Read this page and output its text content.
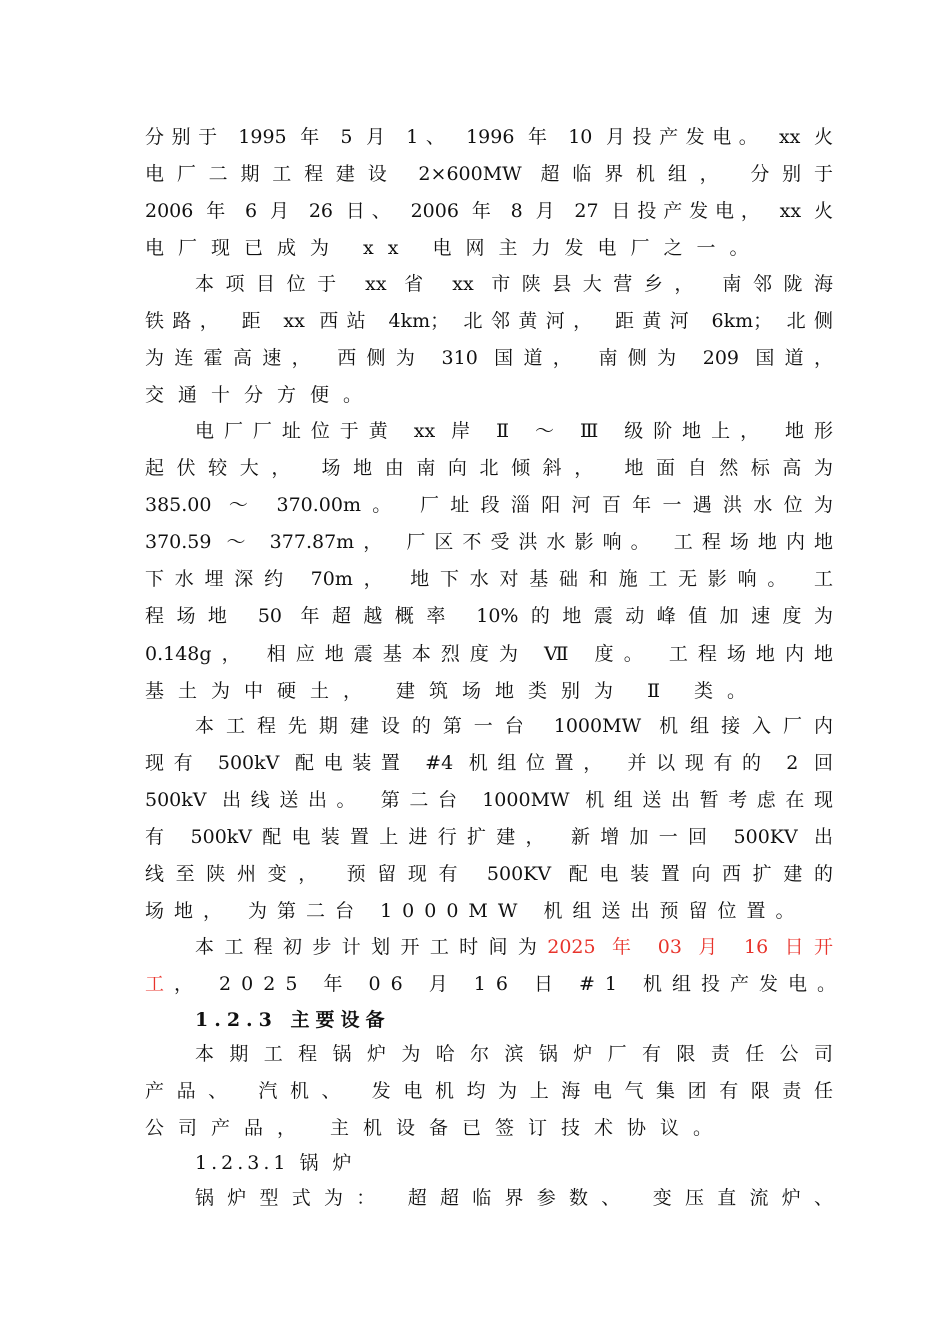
分别于 1995 年 5 月 1、 1996 年 10 月投产发电。 xx 火
电厂二期工程建设 2×600MW 超临界机组， 分别于
2006 年 6 月 26 日、 2006 年 8 月 27 日投产发电， xx 火
电厂现已成为 xx 电网主力发电厂之一。
本项目位于 xx 省 xx 市陕县大营乡， 南邻陇海
铁路， 距 xx 西站 4km； 北邻黄河， 距黄河 6km； 北侧
为连霍高速， 西侧为 310 国道， 南侧为 209 国道，
交通十分方便。
电厂厂址位于黄 xx 岸 Ⅱ ～ Ⅲ 级阶地上， 地形
起伏较大， 场地由南向北倾斜， 地面自然标高为
385.00 ～ 370.00m。 厂址段淄阳河百年一遇洪水位为
370.59 ～ 377.87m， 厂区不受洪水影响。 工程场地内地
下水埋深约 70m， 地下水对基础和施工无影响。 工
程场地 50 年超越概率 10%的地震动峰值加速度为
0.148g， 相应地震基本烈度为 Ⅶ 度。 工程场地内地
基土为中硬土， 建筑场地类别为 Ⅱ 类。
本工程先期建设的第一台 1000MW 机组接入厂内
现有 500kV 配电装置 #4 机组位置， 并以现有的 2 回
500kV 出线送出。 第二台 1000MW 机组送出暂考虑在现
有 500kV配电装置上进行扩建， 新增加一回 500KV 出
线至陕州变， 预留现有 500KV 配电装置向西扩建的
场地， 为第二台 1000MW 机组送出预留位置。
本工程初步计划开工时间为2025 年 03 月 16 日开
工， 2025 年 06 月 16 日 #1 机组投产发电。
1.2.3 主要设备
本期工程锅炉为哈尔滨锅炉厂有限责任公司
产品、 汽机、 发电机均为上海电气集团有限责任
公司产品， 主机设备已签订技术协议。
1.2.3.1 锅 炉
锅炉型式为： 超超临界参数、 变压直流炉、
